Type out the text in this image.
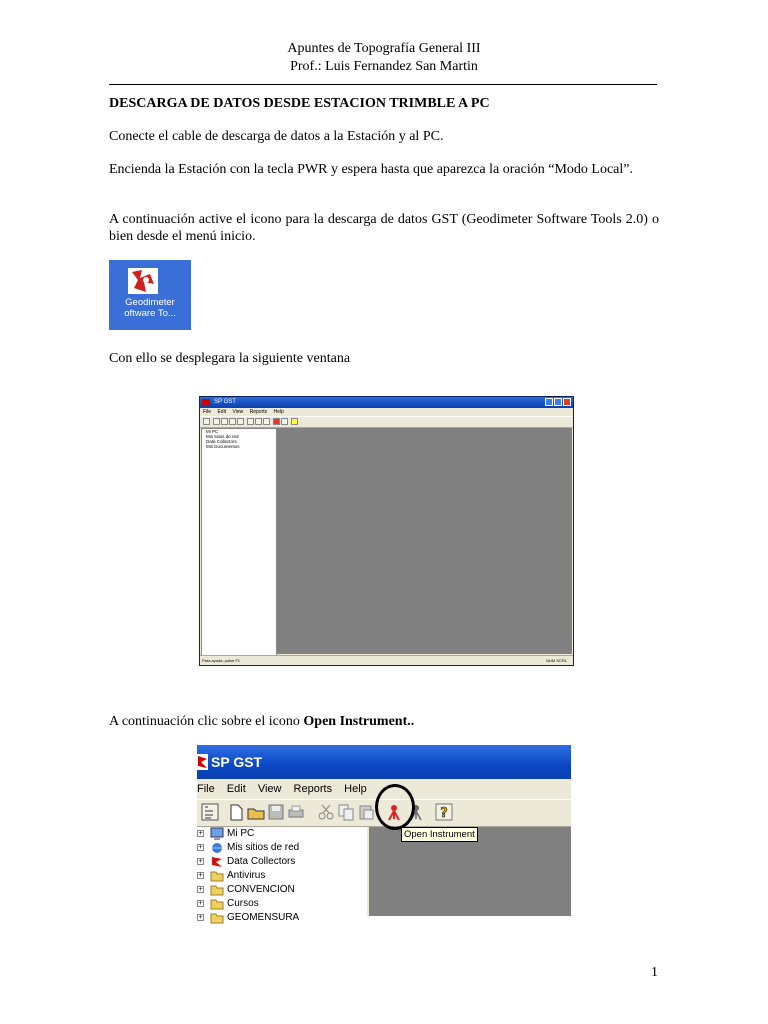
Apuntes de Topografía General III
Prof.: Luis Fernandez San Martin
DESCARGA DE DATOS DESDE ESTACION TRIMBLE A PC
Conecte el cable de descarga de datos a la Estación y al PC.
Encienda la Estación con la tecla PWR y espera hasta que aparezca la oración “Modo Local”.
A continuación active el icono para la descarga de datos GST (Geodimeter Software Tools 2.0) o bien desde el menú inicio.
Geodimeter
oftware To...
Con ello se desplegara la siguiente ventana
SP GST
File Edit View Reports Help
Mi PC
Mis sitios de red
Data Collectors
Mis Documentos
Para ayuda, pulse F1	NUM SCRL
A continuación clic sobre el icono Open Instrument..
SP GST
File Edit View Reports Help
?
+ Mi PC
+ Mis sitios de red
+ Data Collectors
+ Antivirus
+ CONVENCION
+ Cursos
+ GEOMENSURA
Open Instrument
1
